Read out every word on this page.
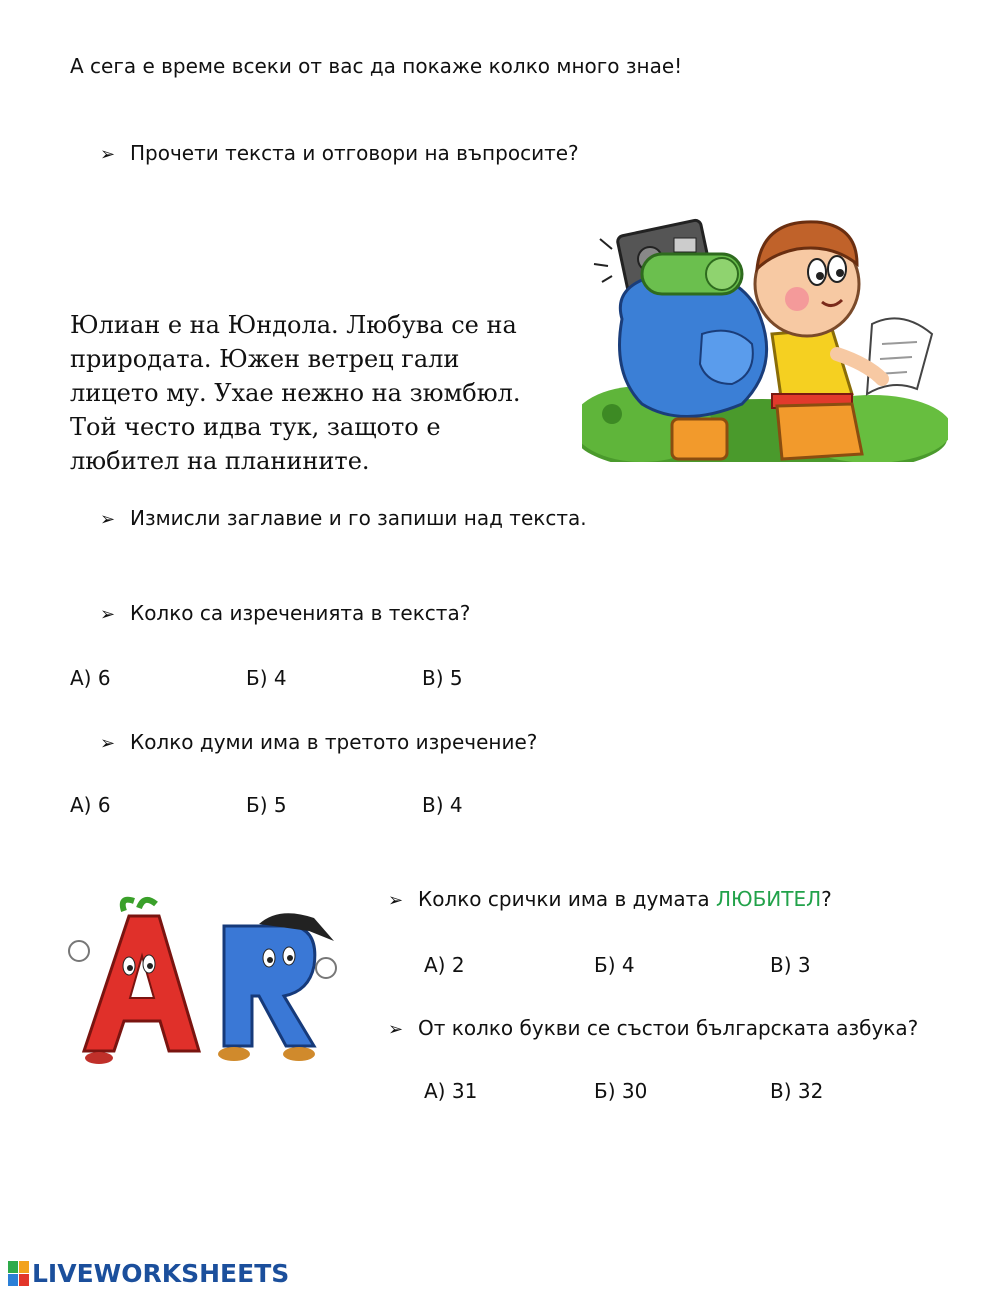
А сега е време всеки от вас да покаже колко много знае!
➢ Прочети текста и отговори на въпросите?
Юлиан е на Юндола. Любува се на
природата. Южен ветрец гали
лицето му. Ухае нежно на зюмбюл.
Той често идва тук, защото е
любител на планините.
➢ Измисли заглавие и го запиши над текста.
➢ Колко са изреченията в текста?
А) 6	Б) 4	В) 5
➢ Колко думи има в третото изречение?
А) 6	Б) 5	В) 4
➢ Колко срички има в думата ЛЮБИТЕЛ?
А) 2	Б) 4	В) 3
➢ От колко букви се състои българската азбука?
А) 31	Б) 30	В) 32
LIVEWORKSHEETS
